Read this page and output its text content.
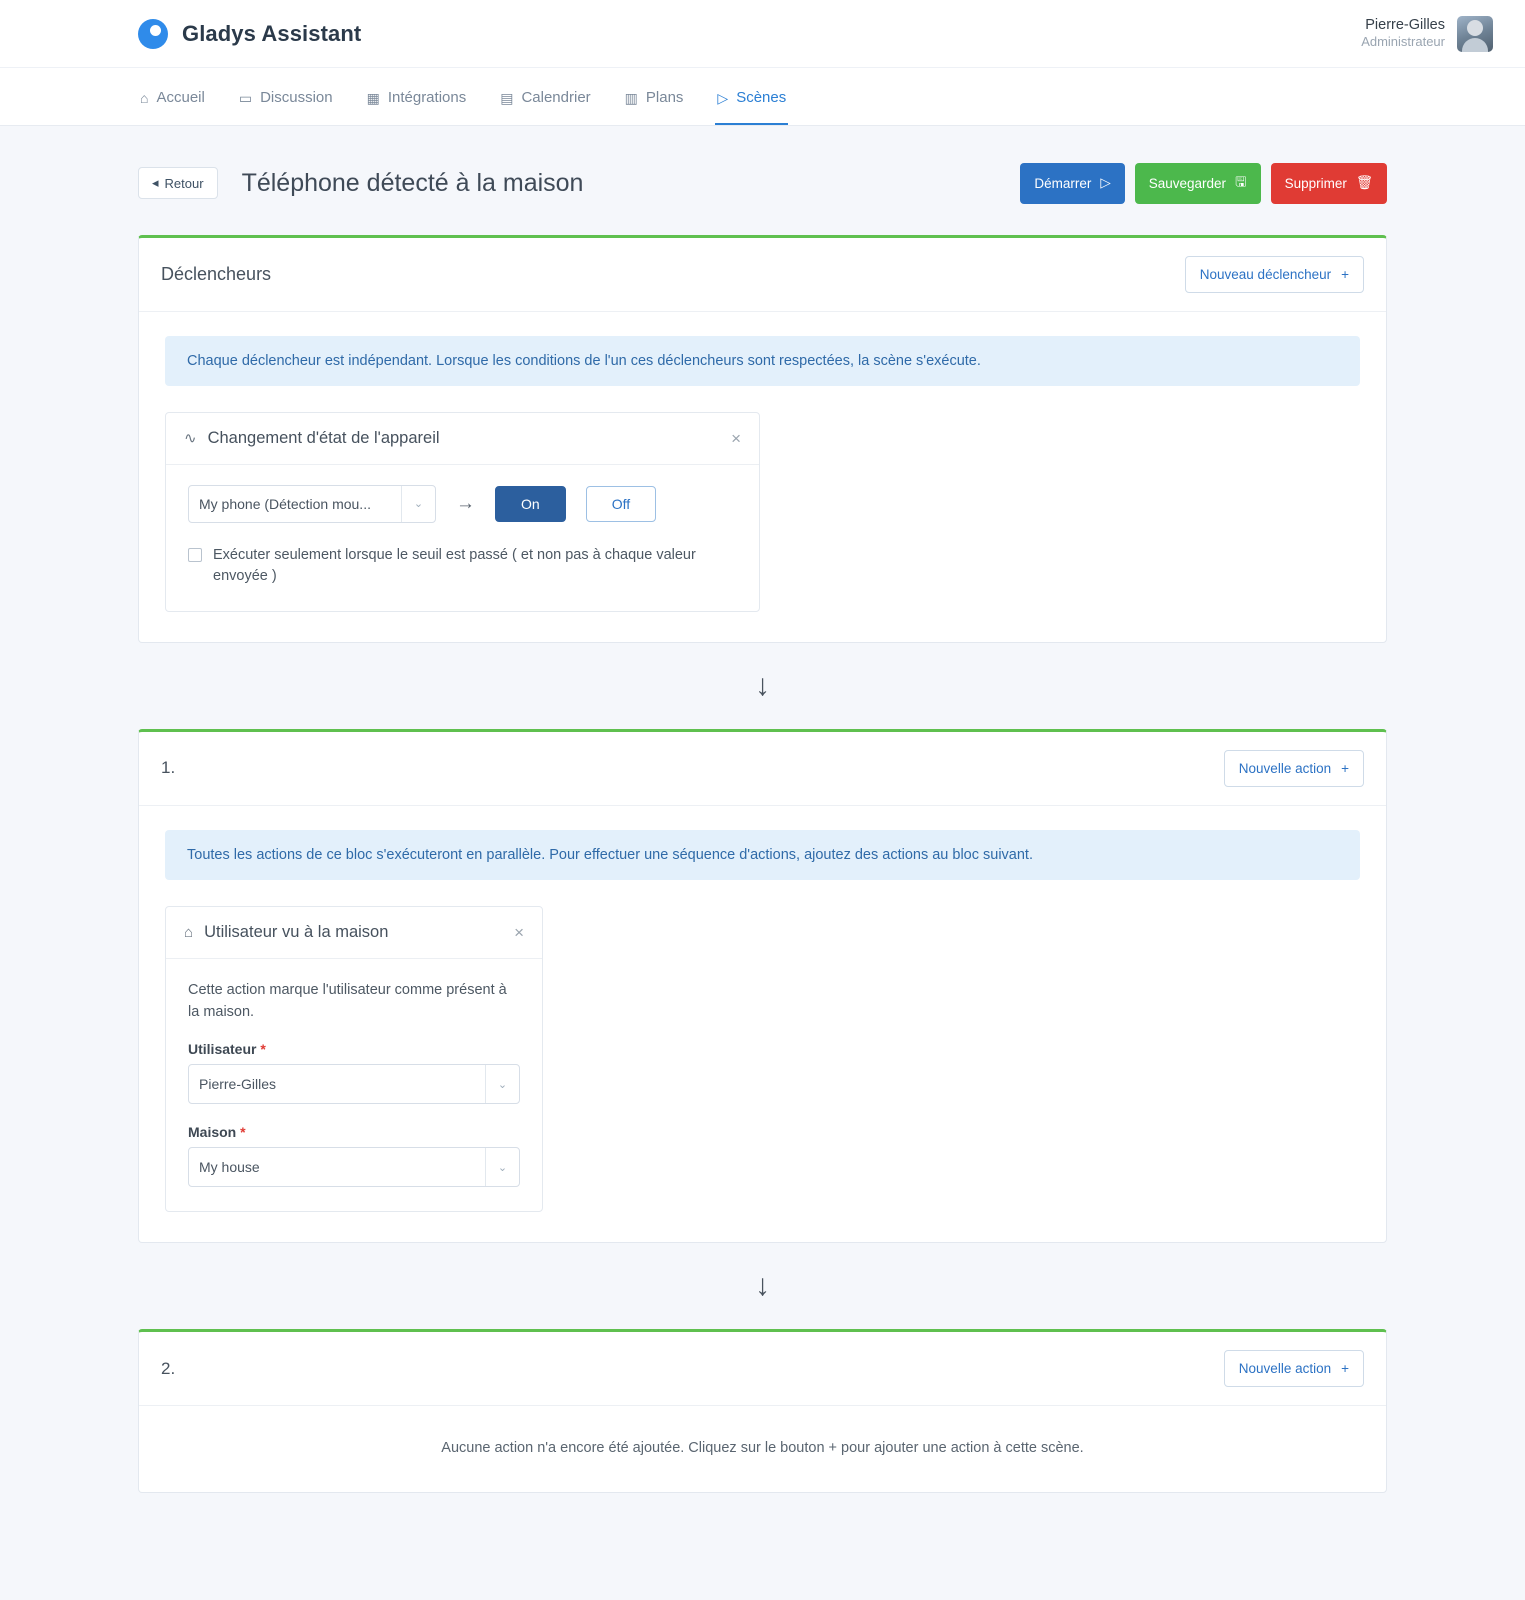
Gladys Assistant	Pierre-Gilles
Administrateur
⌂ Accueil ▭ Discussion ▦ Intégrations ▤ Calendrier ▥ Plans ▷ Scènes
◂ Retour Téléphone détecté à la maison	Démarrer ▷	Sauvegarder 🖫	Supprimer 🗑
Déclencheurs	Nouveau déclencheur +
Chaque déclencheur est indépendant. Lorsque les conditions de l'un ces déclencheurs sont respectées, la scène s'exécute.
∿ Changement d'état de l'appareil	×
My phone (Détection mou...	⌄	→	On	Off
Exécuter seulement lorsque le seuil est passé ( et non pas à chaque valeur envoyée )
↓
1.	Nouvelle action +
Toutes les actions de ce bloc s'exécuteront en parallèle. Pour effectuer une séquence d'actions, ajoutez des actions au bloc suivant.
⌂ Utilisateur vu à la maison	×

Cette action marque l'utilisateur comme présent à la maison.

Utilisateur *
Pierre-Gilles	⌄
Maison *
My house	⌄
↓
2.	Nouvelle action +
Aucune action n'a encore été ajoutée. Cliquez sur le bouton + pour ajouter une action à cette scène.
